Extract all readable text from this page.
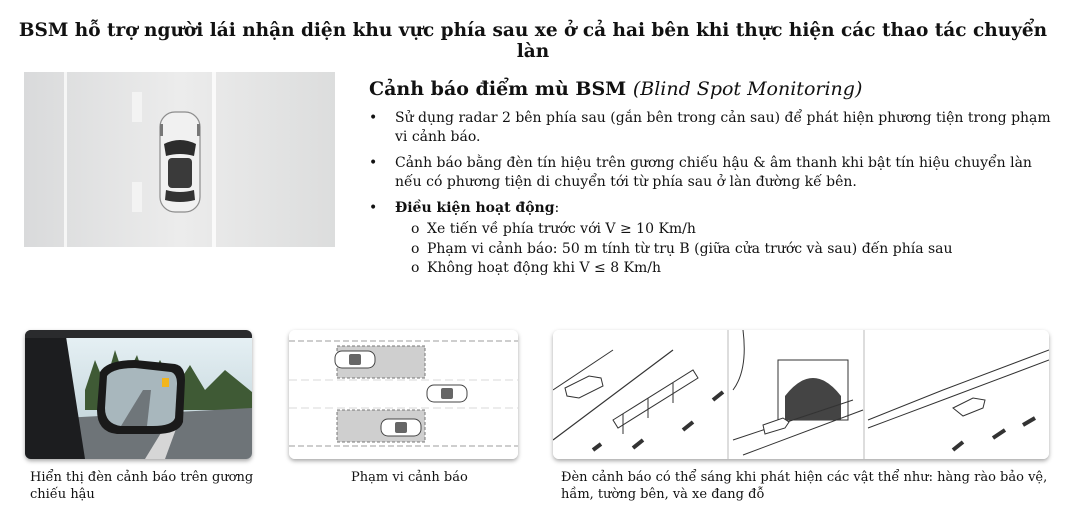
BSM hỗ trợ người lái nhận diện khu vực phía sau xe ở cả hai bên khi thực hiện các thao tác chuyển làn
Cảnh báo điểm mù BSM (Blind Spot Monitoring)
• Sử dụng radar 2 bên phía sau (gắn bên trong cản sau) để phát hiện phương tiện trong phạm vi cảnh báo.
• Cảnh báo bằng đèn tín hiệu trên gương chiếu hậu & âm thanh khi bật tín hiệu chuyển làn nếu có phương tiện di chuyển tới từ phía sau ở làn đường kế bên.
• Điều kiện hoạt động:
o Xe tiến về phía trước với V ≥ 10 Km/h
o Phạm vi cảnh báo: 50 m tính từ trụ B (giữa cửa trước và sau) đến phía sau
o Không hoạt động khi V ≤ 8 Km/h
Hiển thị đèn cảnh báo trên gương chiếu hậu
Phạm vi cảnh báo	Đèn cảnh báo có thể sáng khi phát hiện các vật thể như: hàng rào bảo vệ, hầm, tường bên, và xe đang đỗ
